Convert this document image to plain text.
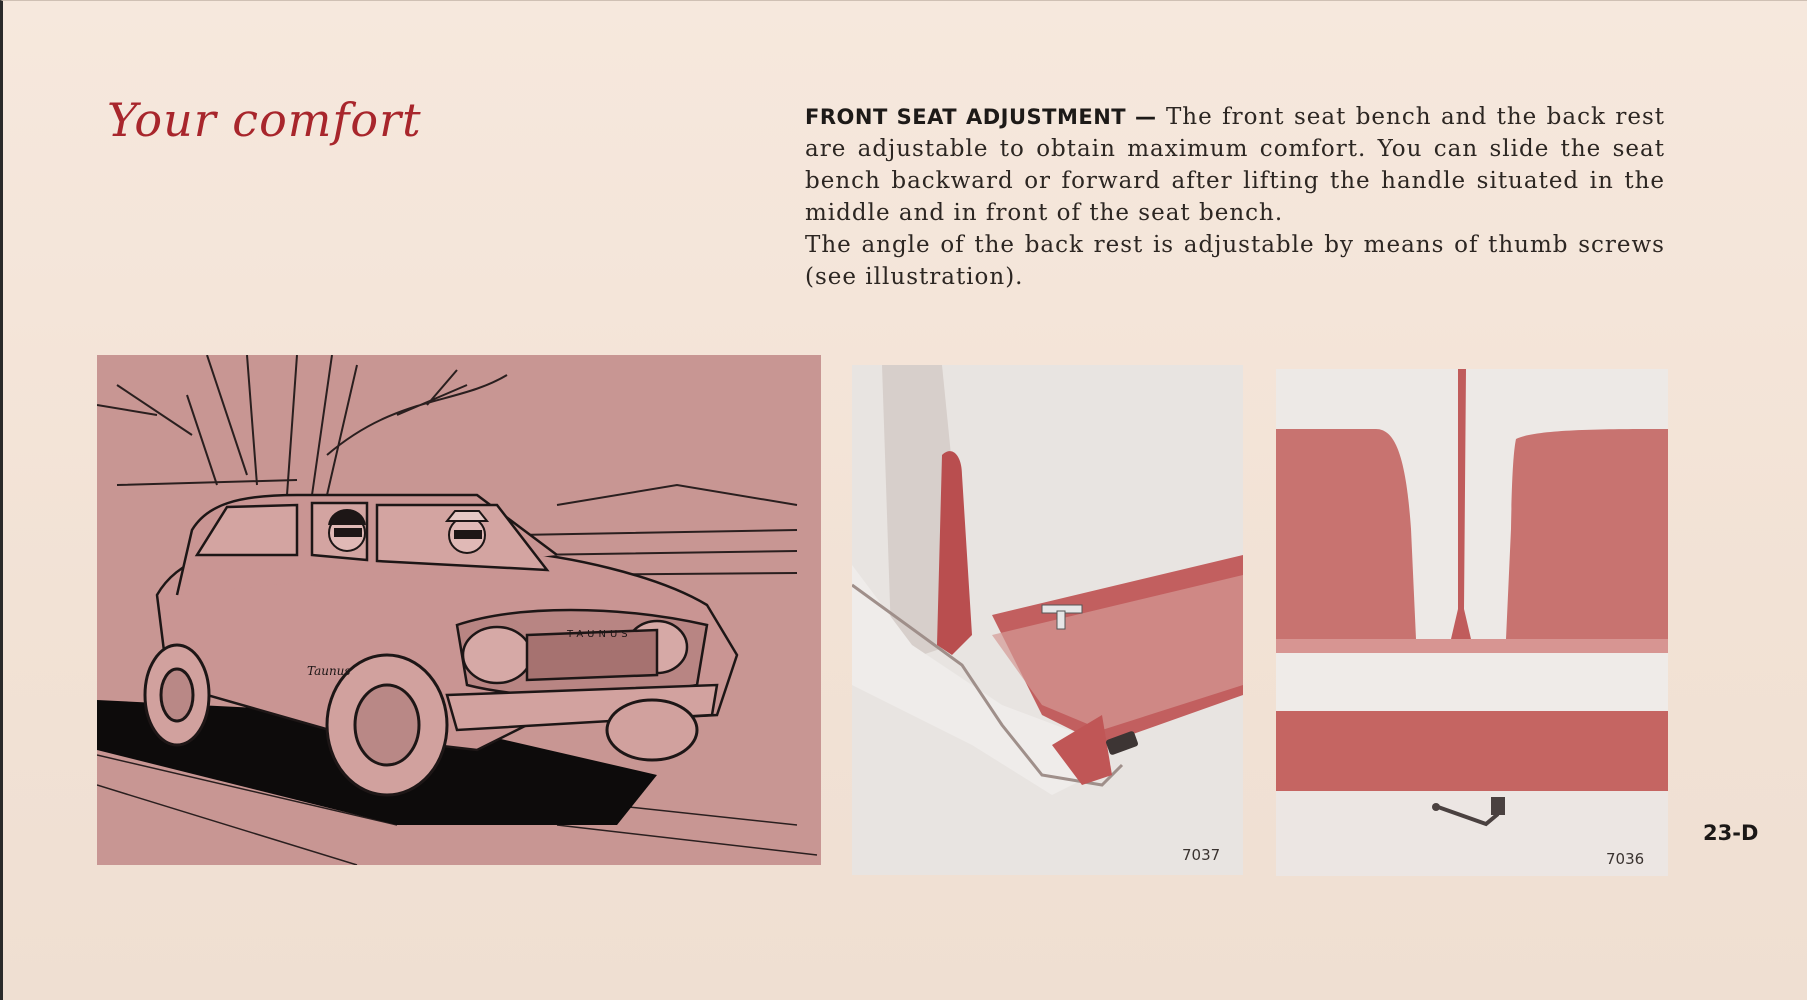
Your comfort	FRONT SEAT ADJUSTMENT — The front seat bench and the back rest are adjustable to obtain maximum comfort. You can slide the seat bench backward or forward after lifting the handle situated in the middle and in front of the seat bench.

The angle of the back rest is adjustable by means of thumb screws (see illustration).

TAUNUS
Taunus
7037	7036
23-D
